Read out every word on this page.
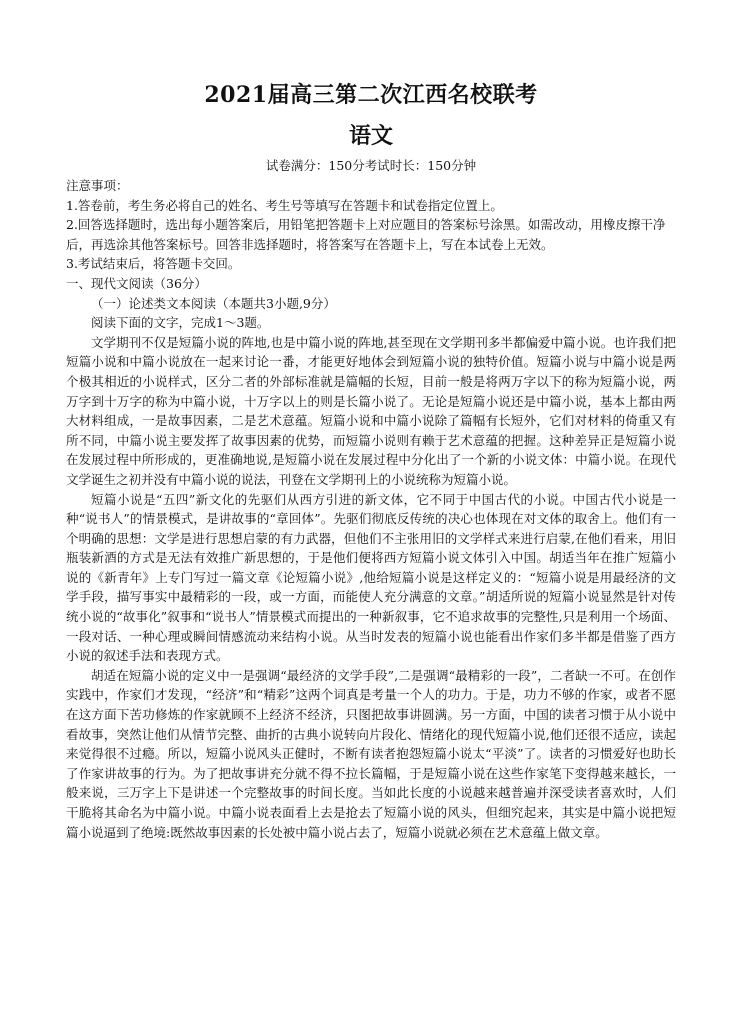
2021届高三第二次江西名校联考
语文

试卷满分：150分考试时长：150分钟

注意事项：

1.答卷前，考生务必将自己的姓名、考生号等填写在答题卡和试卷指定位置上。

2.回答选择题时，选出每小题答案后，用铅笔把答题卡上对应题目的答案标号涂黑。如需改动，用橡皮擦干净后，再选涂其他答案标号。回答非选择题时，将答案写在答题卡上，写在本试卷上无效。

3.考试结束后，将答题卡交回。

一、现代文阅读（36分）

（一）论述类文本阅读（本题共3小题,9分）

阅读下面的文字，完成1～3题。

文学期刊不仅是短篇小说的阵地,也是中篇小说的阵地,甚至现在文学期刊多半都偏爱中篇小说。也许我们把短篇小说和中篇小说放在一起来讨论一番，才能更好地体会到短篇小说的独特价值。短篇小说与中篇小说是两个极其相近的小说样式，区分二者的外部标准就是篇幅的长短，目前一般是将两万字以下的称为短篇小说，两万字到十万字的称为中篇小说，十万字以上的则是长篇小说了。无论是短篇小说还是中篇小说，基本上都由两大材料组成，一是故事因素，二是艺术意蕴。短篇小说和中篇小说除了篇幅有长短外，它们对材料的倚重又有所不同，中篇小说主要发挥了故事因素的优势，而短篇小说则有赖于艺术意蕴的把握。这种差异正是短篇小说在发展过程中所形成的，更准确地说,是短篇小说在发展过程中分化出了一个新的小说文体：中篇小说。在现代文学诞生之初并没有中篇小说的说法，刊登在文学期刊上的小说统称为短篇小说。

短篇小说是“五四”新文化的先驱们从西方引进的新文体，它不同于中国古代的小说。中国古代小说是一种“说书人”的情景模式，是讲故事的“章回体”。先驱们彻底反传统的决心也体现在对文体的取舍上。他们有一个明确的思想：文学是进行思想启蒙的有力武器，但他们不主张用旧的文学样式来进行启蒙,在他们看来，用旧瓶装新酒的方式是无法有效推广新思想的，于是他们便将西方短篇小说文体引入中国。胡适当年在推广短篇小说的《新青年》上专门写过一篇文章《论短篇小说》,他给短篇小说是这样定义的：“短篇小说是用最经济的文学手段，描写事实中最精彩的一段，或一方面，而能使人充分满意的文章。”胡适所说的短篇小说显然是针对传统小说的“故事化”叙事和“说书人”情景模式而提出的一种新叙事，它不追求故事的完整性,只是利用一个场面、一段对话、一种心理或瞬间情感流动来结构小说。从当时发表的短篇小说也能看出作家们多半都是借鉴了西方小说的叙述手法和表现方式。

胡适在短篇小说的定义中一是强调“最经济的文学手段”,二是强调“最精彩的一段”，二者缺一不可。在创作实践中，作家们才发现，“经济”和“精彩”这两个词真是考量一个人的功力。于是，功力不够的作家，或者不愿在这方面下苦功修炼的作家就顾不上经济不经济，只图把故事讲圆满。另一方面，中国的读者习惯于从小说中看故事，突然让他们从情节完整、曲折的古典小说转向片段化、情绪化的现代短篇小说,他们还很不适应，读起来觉得很不过瘾。所以，短篇小说风头正健时，不断有读者抱怨短篇小说太“平淡”了。读者的习惯爱好也助长了作家讲故事的行为。为了把故事讲充分就不得不拉长篇幅，于是短篇小说在这些作家笔下变得越来越长，一般来说，三万字上下是讲述一个完整故事的时间长度。当如此长度的小说越来越普遍并深受读者喜欢时，人们干脆将其命名为中篇小说。中篇小说表面看上去是抢去了短篇小说的风头，但细究起来，其实是中篇小说把短篇小说逼到了绝境:既然故事因素的长处被中篇小说占去了，短篇小说就必须在艺术意蕴上做文章。
